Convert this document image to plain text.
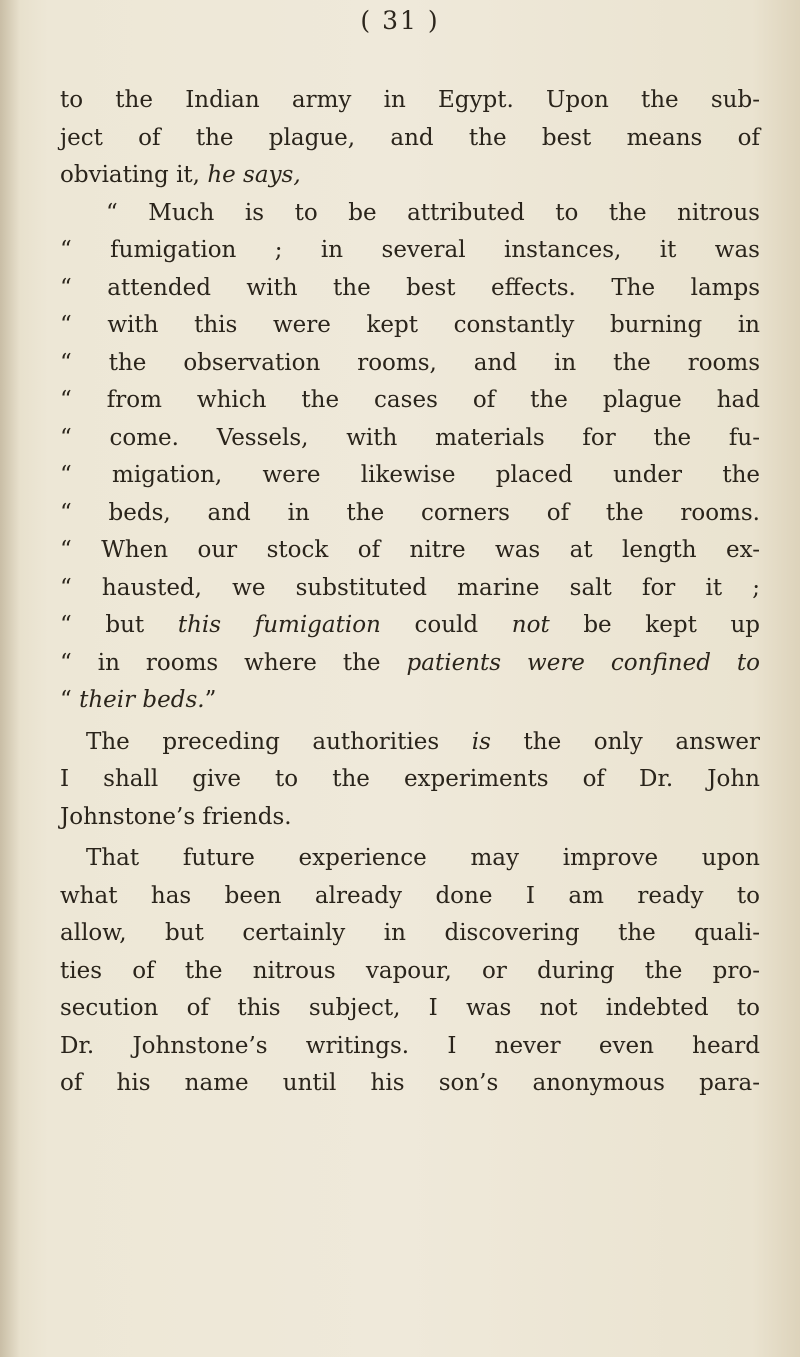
( 31 )
to the Indian army in Egypt. Upon the sub-
ject of the plague, and the best means of
obviating it, he says,
“ Much is to be attributed to the nitrous
“ fumigation ; in several instances, it was
“ attended with the best effects. The lamps
“ with this were kept constantly burning in
“ the observation rooms, and in the rooms
“ from which the cases of the plague had
“ come. Vessels, with materials for the fu-
“ migation, were likewise placed under the
“ beds, and in the corners of the rooms.
“ When our stock of nitre was at length ex-
“ hausted, we substituted marine salt for it ;
“ but this fumigation could not be kept up
“ in rooms where the patients were confined to
“ their beds.”
The preceding authorities is the only answer
I shall give to the experiments of Dr. John
Johnstone’s friends.
That future experience may improve upon
what has been already done I am ready to
allow, but certainly in discovering the quali-
ties of the nitrous vapour, or during the pro-
secution of this subject, I was not indebted to
Dr. Johnstone’s writings. I never even heard
of his name until his son’s anonymous para-
